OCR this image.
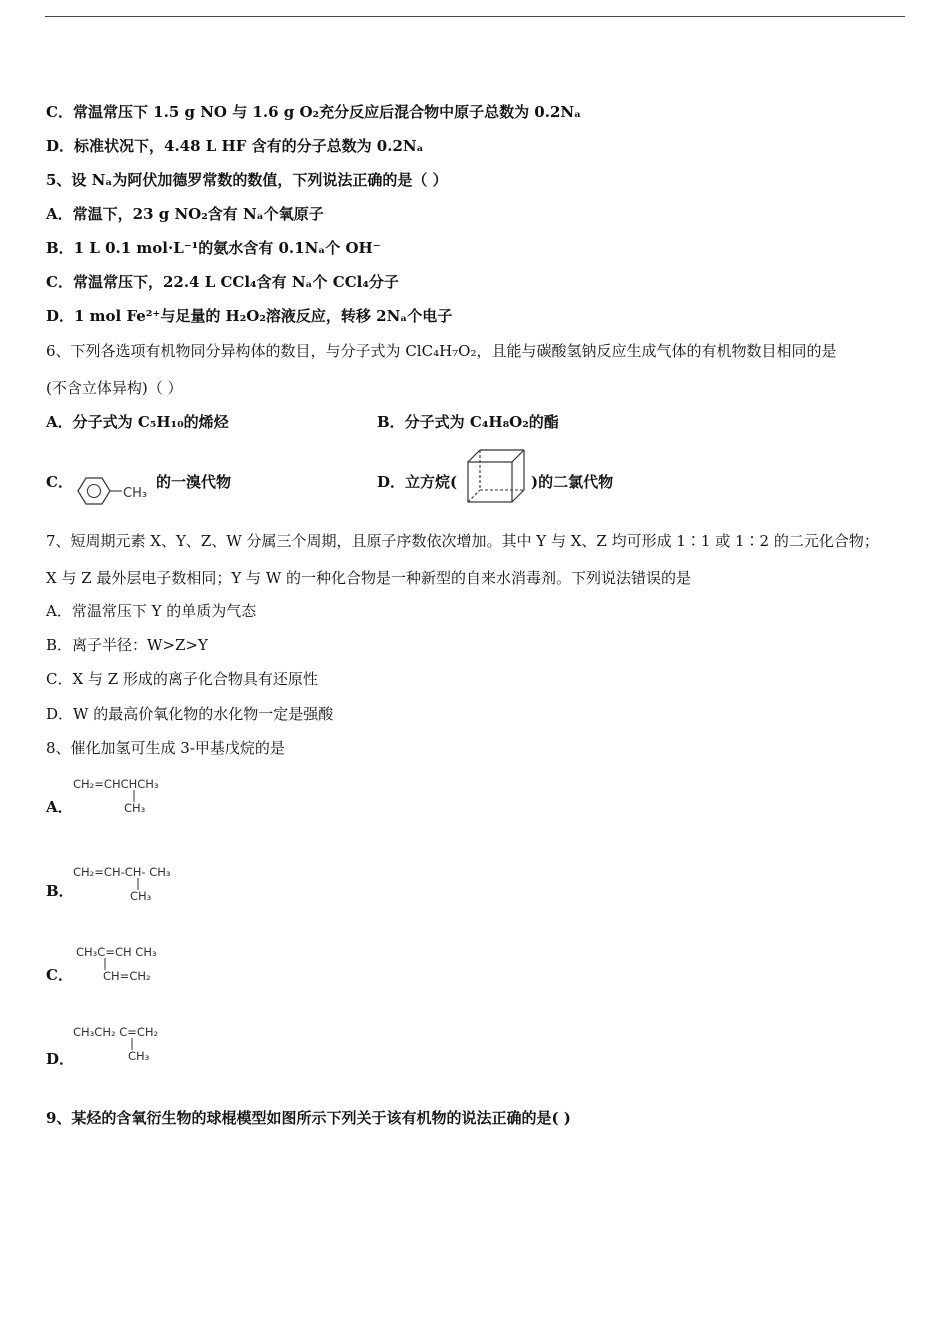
C．常温常压下 1.5 g NO 与 1.6 g O₂充分反应后混合物中原子总数为 0.2Nₐ
D．标准状况下，4.48 L HF 含有的分子总数为 0.2Nₐ
5、设 Nₐ为阿伏加德罗常数的数值，下列说法正确的是（ ）
A．常温下，23 g NO₂含有 Nₐ个氧原子
B．1 L 0.1 mol·L⁻¹的氨水含有 0.1Nₐ个 OH⁻
C．常温常压下，22.4 L CCl₄含有 Nₐ个 CCl₄分子
D．1 mol Fe²⁺与足量的 H₂O₂溶液反应，转移 2Nₐ个电子
6、下列各选项有机物同分异构体的数目，与分子式为 ClC₄H₇O₂，且能与碳酸氢钠反应生成气体的有机物数目相同的是
(不含立体异构)（ ）
A．分子式为 C₅H₁₀的烯烃	B．分子式为 C₄H₈O₂的酯
C．
CH₃
的一溴代物	D．立方烷(	)的二氯代物
7、短周期元素 X、Y、Z、W 分属三个周期，且原子序数依次增加。其中 Y 与 X、Z 均可形成 1∶1 或 1∶2 的二元化合物；
X 与 Z 最外层电子数相同；Y 与 W 的一种化合物是一种新型的自来水消毒剂。下列说法错误的是
A．常温常压下 Y 的单质为气态
B．离子半径：W>Z>Y
C．X 与 Z 形成的离子化合物具有还原性
D．W 的最高价氧化物的水化物一定是强酸
8、催化加氢可生成 3-甲基戊烷的是
A．
CH₂=CHCHCH₃
CH₃
B．
CH₂=CH-CH- CH₃
CH₃
C．
CH₃C=CH CH₃
CH=CH₂
D．
CH₃CH₂ C=CH₂
CH₃
9、某烃的含氧衍生物的球棍模型如图所示下列关于该有机物的说法正确的是( )
